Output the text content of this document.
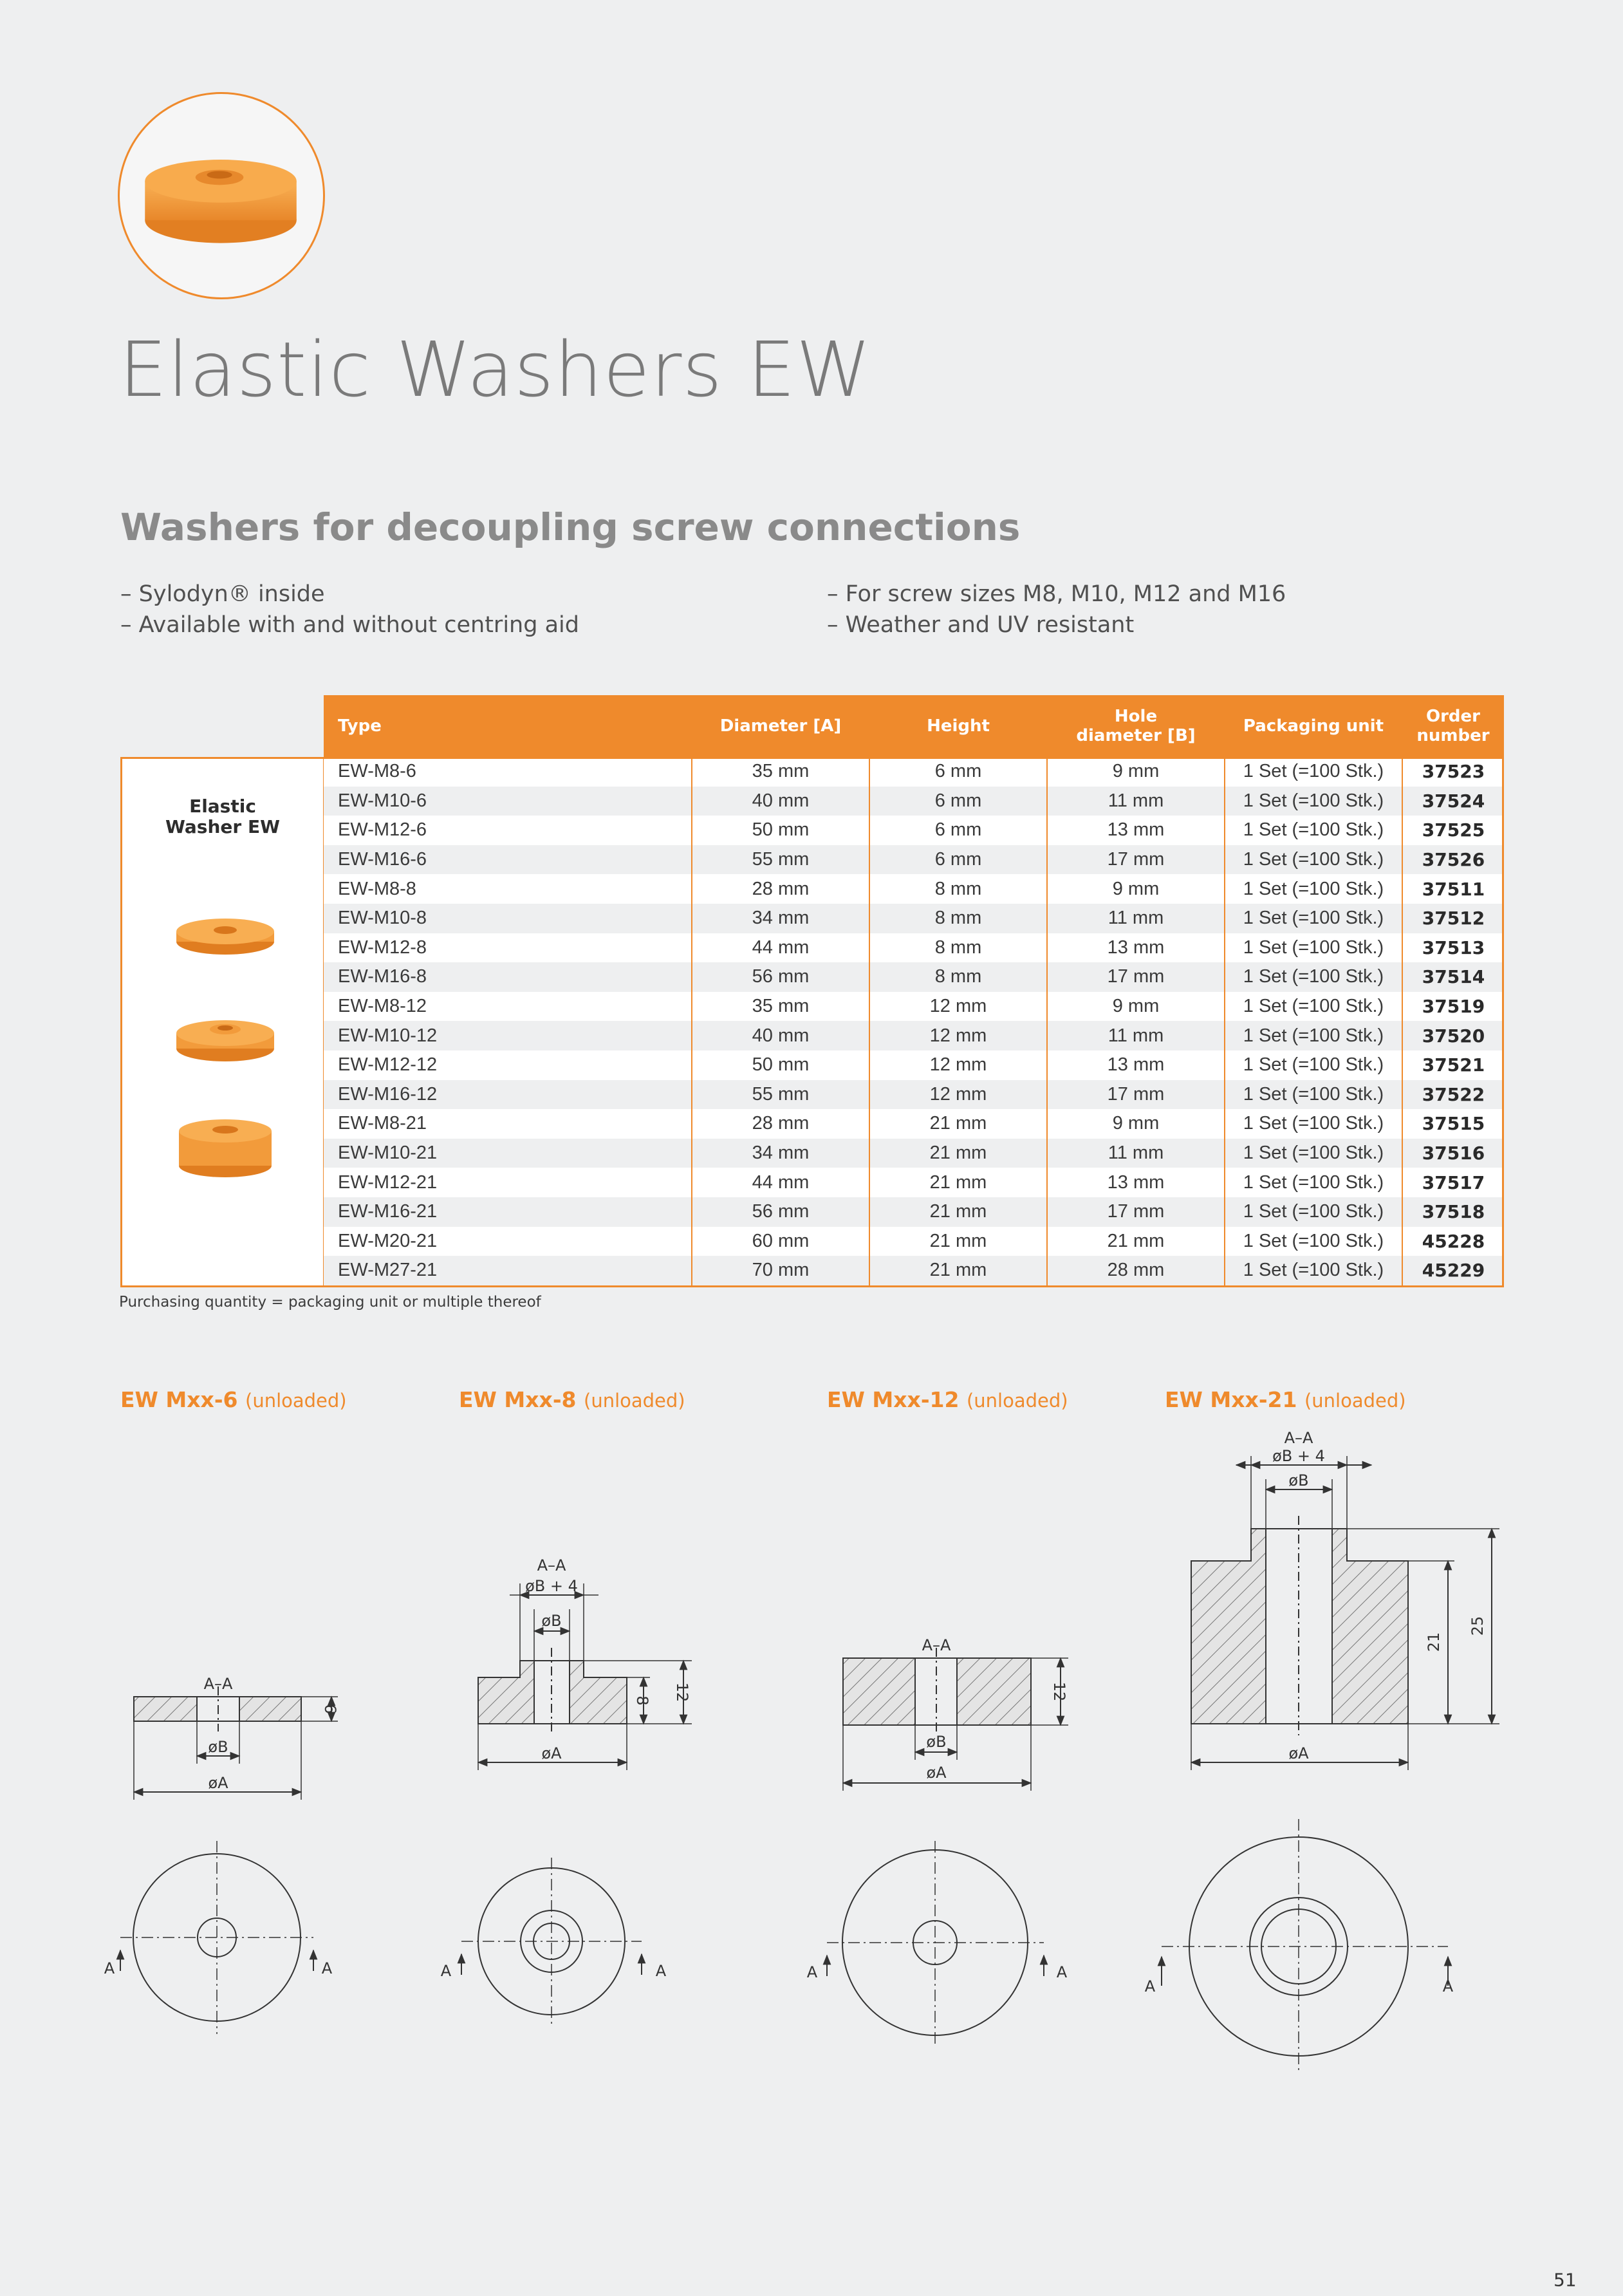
Elastic Washers EW
Washers for decoupling screw connections
– Sylodyn® inside
– Available with and without centring aid
– For screw sizes M8, M10, M12 and M16
– Weather and UV resistant
Elastic
Washer EW
Type	Diameter [A]	Height	Hole
diameter [B]	Packaging unit	Order
number
EW-M8-6	35 mm	6 mm	9 mm	1 Set (=100 Stk.)	37523
EW-M10-6	40 mm	6 mm	11 mm	1 Set (=100 Stk.)	37524
EW-M12-6	50 mm	6 mm	13 mm	1 Set (=100 Stk.)	37525
EW-M16-6	55 mm	6 mm	17 mm	1 Set (=100 Stk.)	37526
EW-M8-8	28 mm	8 mm	9 mm	1 Set (=100 Stk.)	37511
EW-M10-8	34 mm	8 mm	11 mm	1 Set (=100 Stk.)	37512
EW-M12-8	44 mm	8 mm	13 mm	1 Set (=100 Stk.)	37513
EW-M16-8	56 mm	8 mm	17 mm	1 Set (=100 Stk.)	37514
EW-M8-12	35 mm	12 mm	9 mm	1 Set (=100 Stk.)	37519
EW-M10-12	40 mm	12 mm	11 mm	1 Set (=100 Stk.)	37520
EW-M12-12	50 mm	12 mm	13 mm	1 Set (=100 Stk.)	37521
EW-M16-12	55 mm	12 mm	17 mm	1 Set (=100 Stk.)	37522
EW-M8-21	28 mm	21 mm	9 mm	1 Set (=100 Stk.)	37515
EW-M10-21	34 mm	21 mm	11 mm	1 Set (=100 Stk.)	37516
EW-M12-21	44 mm	21 mm	13 mm	1 Set (=100 Stk.)	37517
EW-M16-21	56 mm	21 mm	17 mm	1 Set (=100 Stk.)	37518
EW-M20-21	60 mm	21 mm	21 mm	1 Set (=100 Stk.)	45228
EW-M27-21	70 mm	21 mm	28 mm	1 Set (=100 Stk.)	45229
Purchasing quantity = packaging unit or multiple thereof
EW Mxx-6 (unloaded)	EW Mxx-8 (unloaded)	EW Mxx-12 (unloaded)	EW Mxx-21 (unloaded)
A–A
øB
øA
6
A	A
A–A
øB + 4
øB
øA
8 12
A	A
A–A
øB
øA
12
A	A
A–A
øB + 4
øB
øA
21
25
A	A
51
